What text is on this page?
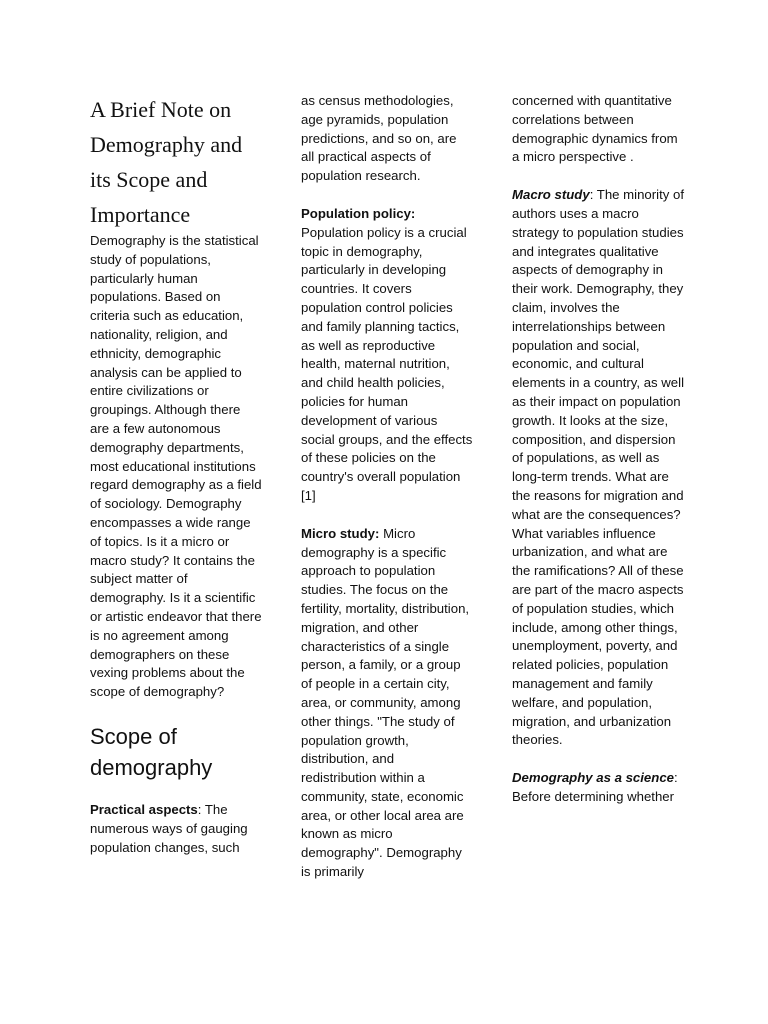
A Brief Note on Demography and its Scope and Importance

Demography is the statistical study of populations, particularly human populations. Based on criteria such as education, nationality, religion, and ethnicity, demographic analysis can be applied to entire civilizations or groupings. Although there are a few autonomous demography departments, most educational institutions regard demography as a field of sociology. Demography encompasses a wide range of topics. Is it a micro or macro study? It contains the subject matter of demography. Is it a scientific or artistic endeavor that there is no agreement among demographers on these vexing problems about the scope of demography?

Scope of demography

Practical aspects: The numerous ways of gauging population changes, such

as census methodologies, age pyramids, population predictions, and so on, are all practical aspects of population research.

Population policy: Population policy is a crucial topic in demography, particularly in developing countries. It covers population control policies and family planning tactics, as well as reproductive health, maternal nutrition, and child health policies, policies for human development of various social groups, and the effects of these policies on the country's overall population [1]

Micro study: Micro demography is a specific approach to population studies. The focus on the fertility, mortality, distribution, migration, and other characteristics of a single person, a family, or a group of people in a certain city, area, or community, among other things. "The study of population growth, distribution, and redistribution within a community, state, economic area, or other local area are known as micro demography". Demography is primarily

concerned with quantitative correlations between demographic dynamics from a micro perspective .

Macro study: The minority of authors uses a macro strategy to population studies and integrates qualitative aspects of demography in their work. Demography, they claim, involves the interrelationships between population and social, economic, and cultural elements in a country, as well as their impact on population growth. It looks at the size, composition, and dispersion of populations, as well as long-term trends. What are the reasons for migration and what are the consequences? What variables influence urbanization, and what are the ramifications? All of these are part of the macro aspects of population studies, which include, among other things, unemployment, poverty, and related policies, population management and family welfare, and population, migration, and urbanization theories.

Demography as a science: Before determining whether
